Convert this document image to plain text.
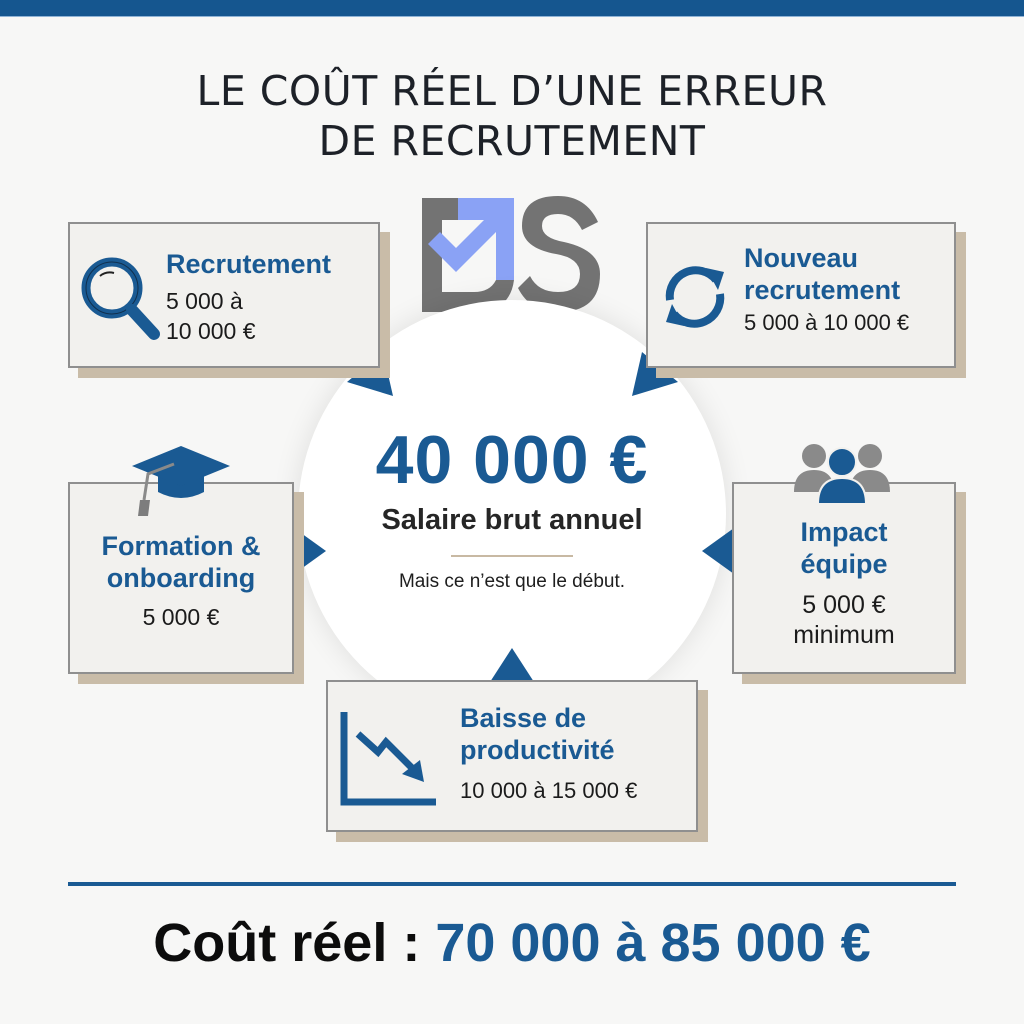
LE COÛT RÉEL D’UNE ERREUR
DE RECRUTEMENT
40 000 €
Salaire brut annuel
Mais ce n’est que le début.
Recrutement
5 000 à
10 000 €
Nouveau
recrutement
5 000 à 10 000 €
Formation &
onboarding
5 000 €
Impact
équipe
5 000 €
minimum
Baisse de
productivité
10 000 à 15 000 €
Coût réel : 70 000 à 85 000 €
